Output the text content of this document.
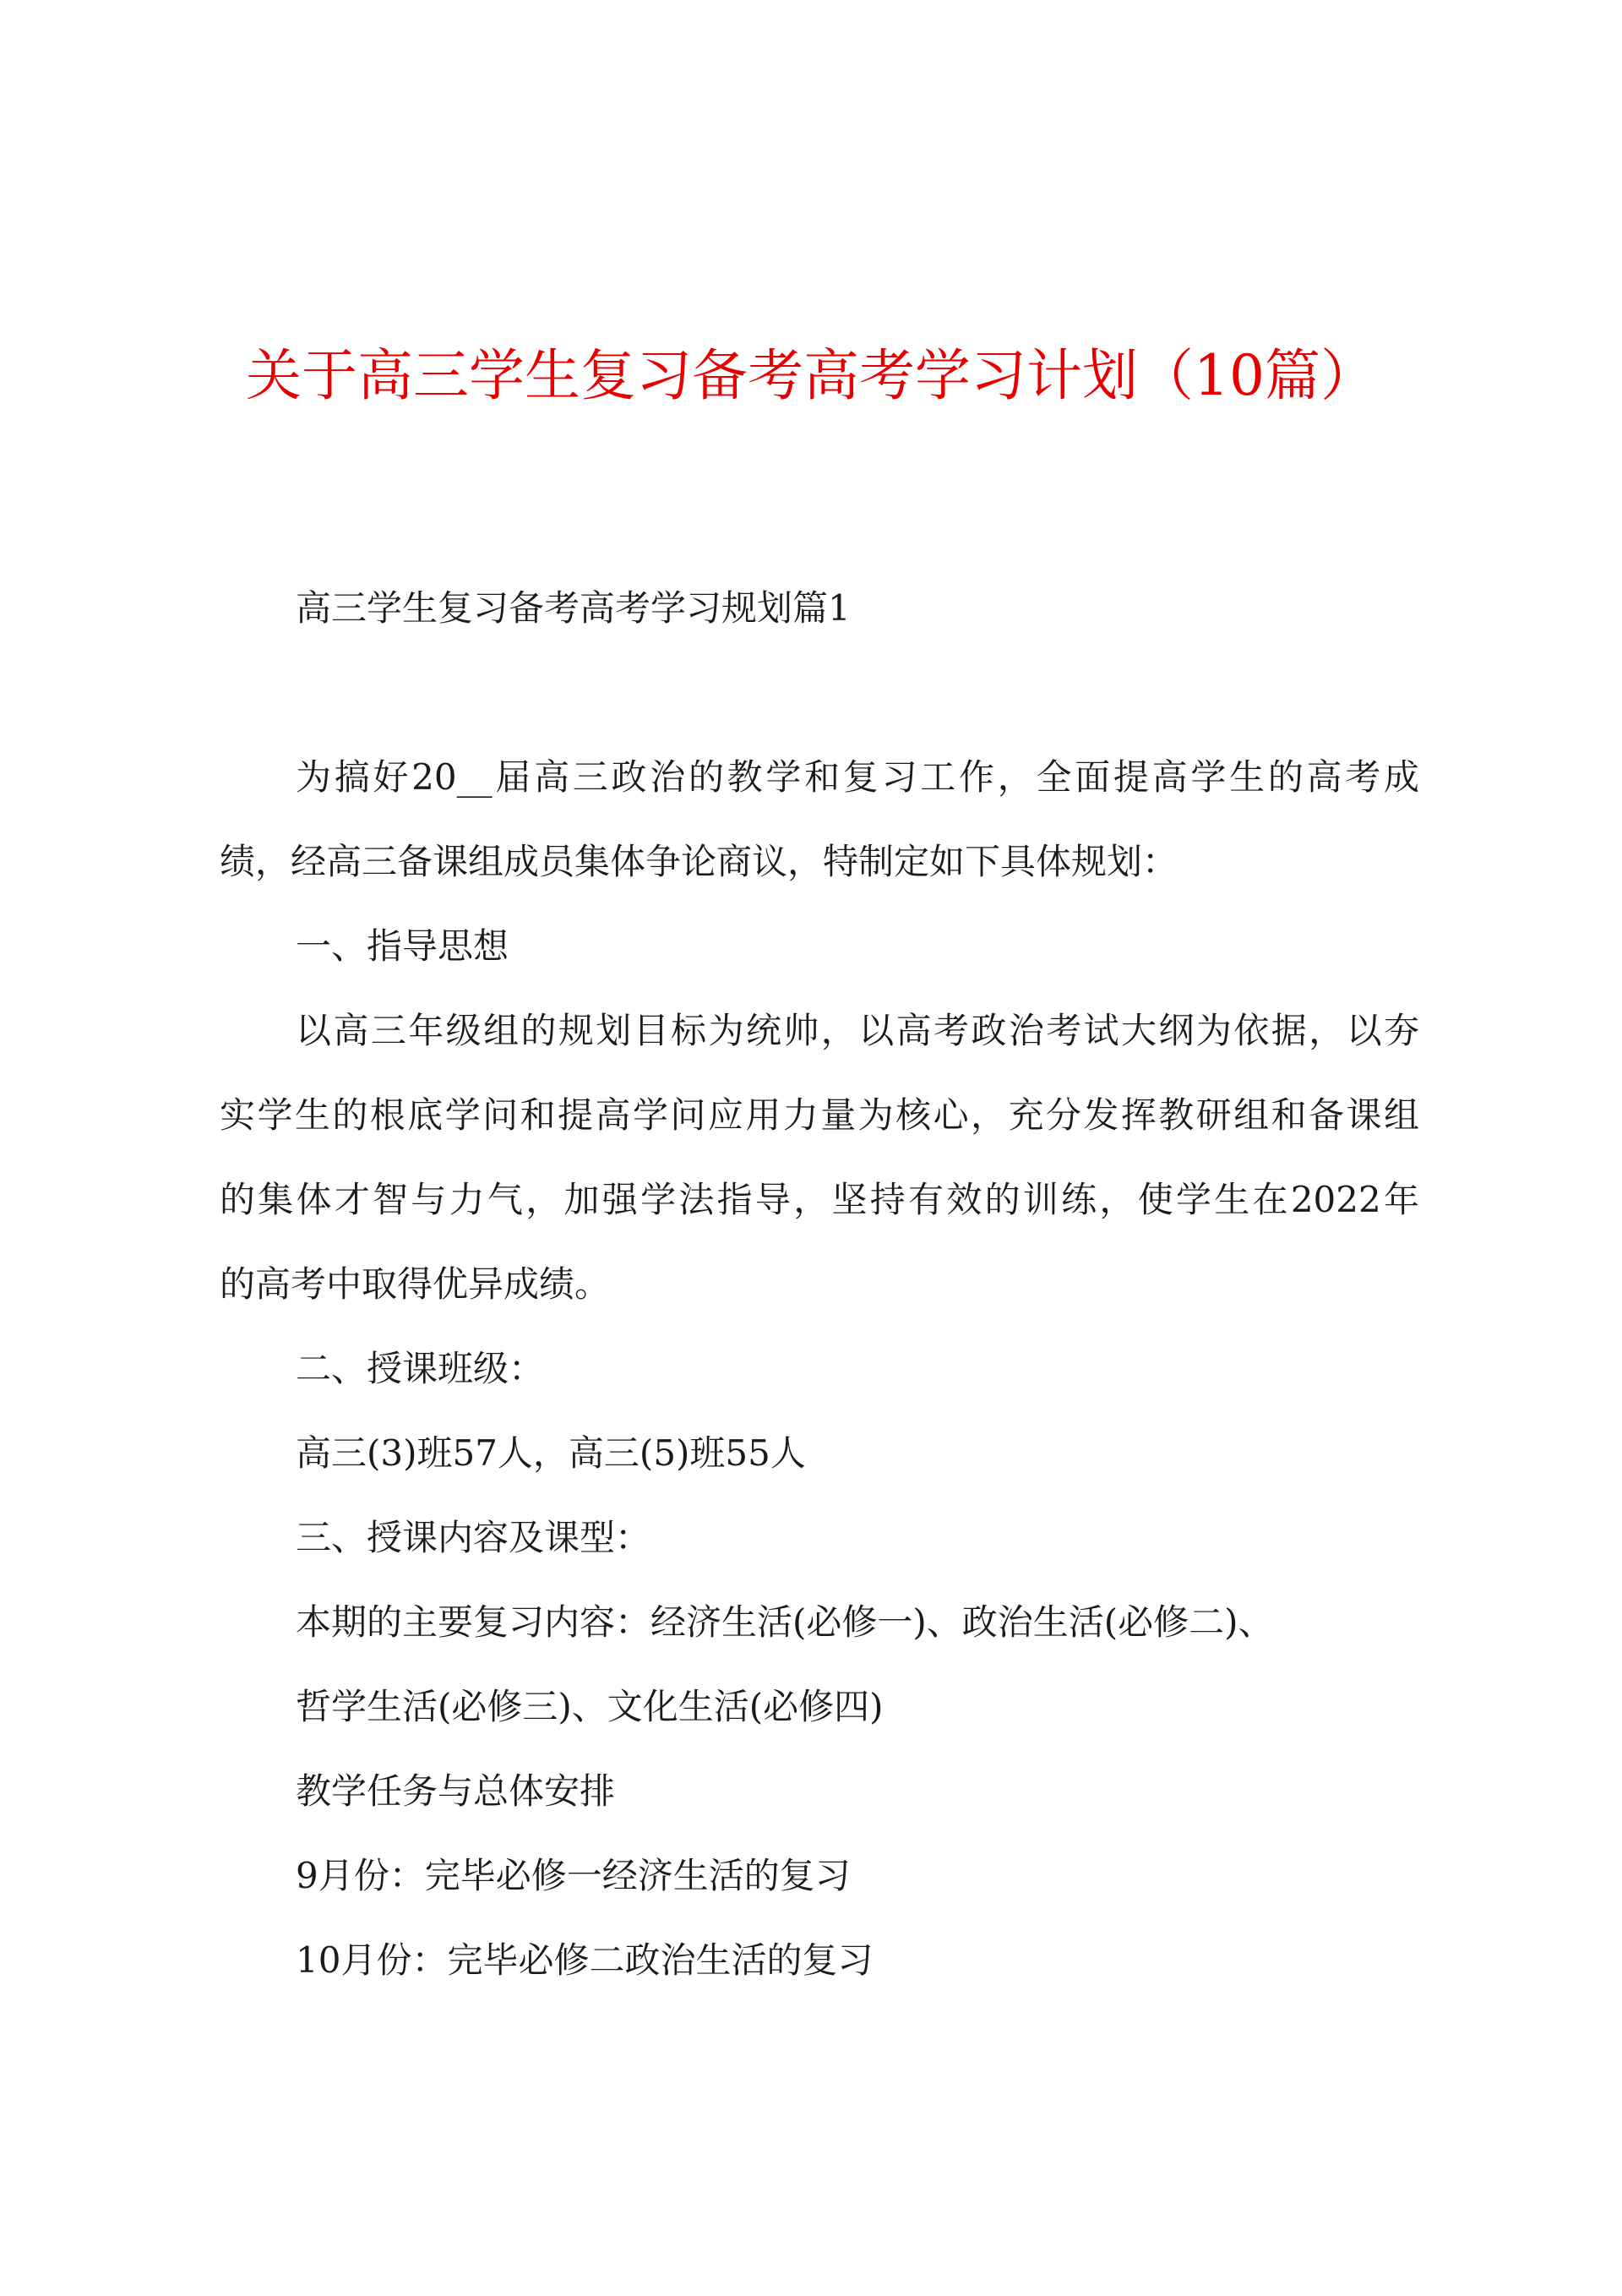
关于高三学生复习备考高考学习计划（10篇）
高三学生复习备考高考学习规划篇1
为搞好20__届高三政治的教学和复习工作，全面提高学生的高考成
绩，经高三备课组成员集体争论商议，特制定如下具体规划：
一、指导思想
以高三年级组的规划目标为统帅，以高考政治考试大纲为依据，以夯
实学生的根底学问和提高学问应用力量为核心，充分发挥教研组和备课组
的集体才智与力气，加强学法指导，坚持有效的训练，使学生在2022年
的高考中取得优异成绩。
二、授课班级：
高三(3)班57人，高三(5)班55人
三、授课内容及课型：
本期的主要复习内容：经济生活(必修一)、政治生活(必修二)、
哲学生活(必修三)、文化生活(必修四)
教学任务与总体安排
9月份：完毕必修一经济生活的复习
10月份：完毕必修二政治生活的复习
